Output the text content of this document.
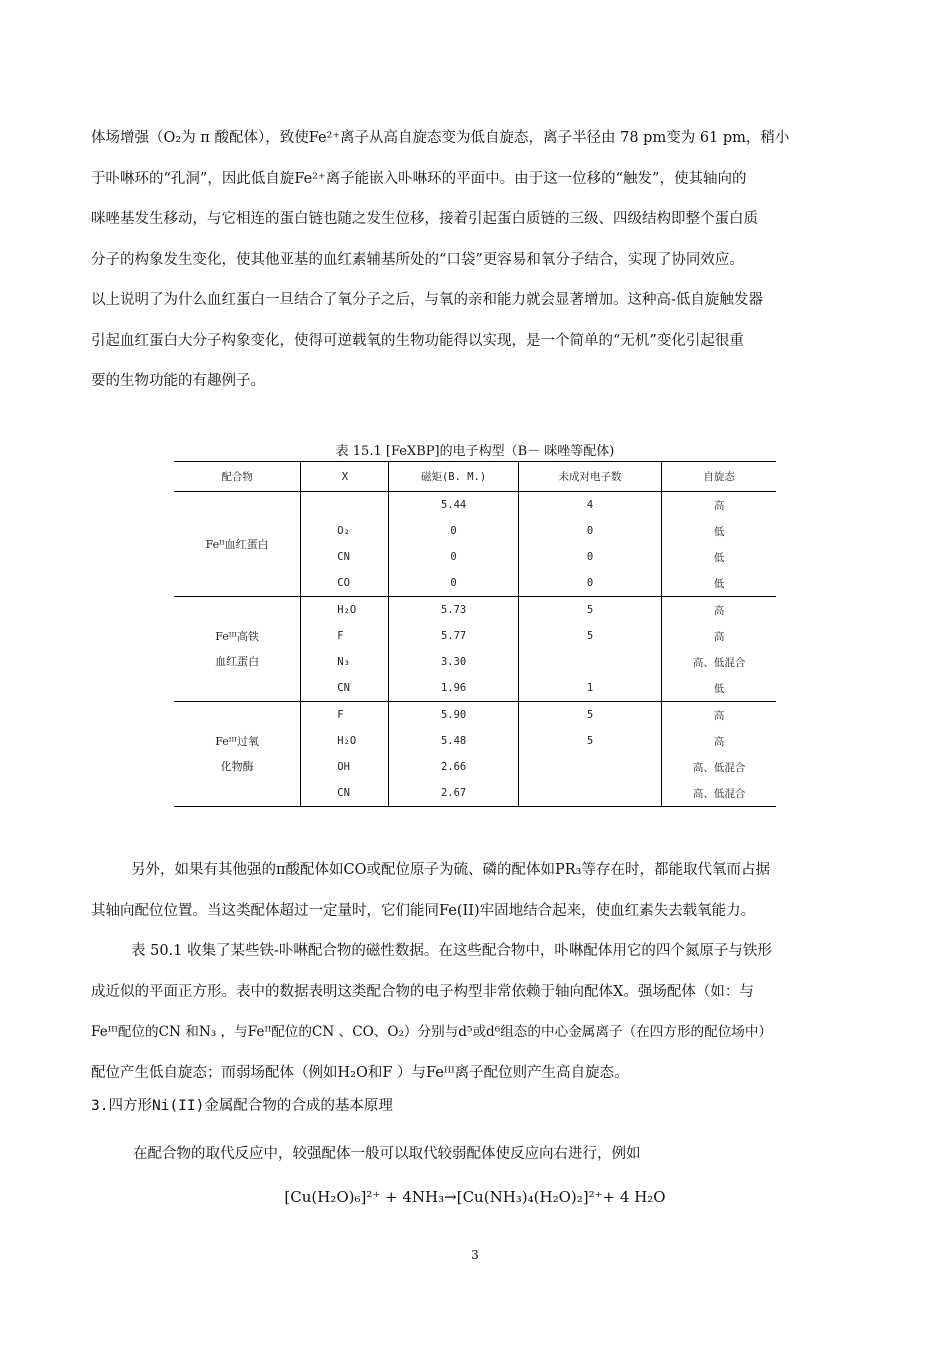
体场增强（O₂为 π 酸配体），致使Fe²⁺离子从高自旋态变为低自旋态，离子半径由 78 pm变为 61 pm，稍小
于卟啉环的“孔洞”，因此低自旋Fe²⁺离子能嵌入卟啉环的平面中。由于这一位移的“触发”，使其轴向的
咪唑基发生移动，与它相连的蛋白链也随之发生位移，接着引起蛋白质链的三级、四级结构即整个蛋白质
分子的构象发生变化，使其他亚基的血红素辅基所处的“口袋”更容易和氧分子结合，实现了协同效应。
以上说明了为什么血红蛋白一旦结合了氧分子之后，与氧的亲和能力就会显著增加。这种高-低自旋触发器
引起血红蛋白大分子构象变化，使得可逆载氧的生物功能得以实现，是一个简单的“无机”变化引起很重
要的生物功能的有趣例子。
表 15.1 [FeXBP]的电子构型（B－ 咪唑等配体)
配合物	X	磁矩(B. M.)	未成对电子数	自旋态

Feᴵᴵ血红蛋白		5.44	4	高
	O₂	0	0	低
	CN	0	0	低
	CO	0	0	低

Feᴵᴵᴵ高铁
血红蛋白	H₂O	5.73	5	高
	F	5.77	5	高
	N₃	3.30		高、低混合
	CN	1.96	1	低

Feᴵᴵᴵ过氧
化物酶	F	5.90	5	高
	H₂O	5.48	5	高
	OH	2.66		高、低混合
	CN	2.67		高、低混合
另外，如果有其他强的π酸配体如CO或配位原子为硫、磷的配体如PR₃等存在时，都能取代氧而占据
其轴向配位位置。当这类配体超过一定量时，它们能同Fe(II)牢固地结合起来，使血红素失去载氧能力。
表 50.1 收集了某些铁-卟啉配合物的磁性数据。在这些配合物中，卟啉配体用它的四个氮原子与铁形
成近似的平面正方形。表中的数据表明这类配合物的电子构型非常依赖于轴向配体X。强场配体（如：与
Feᴵᴵᴵ配位的CN 和N₃ ，与Feᴵᴵ配位的CN 、CO、O₂）分别与d⁵或d⁶组态的中心金属离子（在四方形的配位场中）
配位产生低自旋态；而弱场配体（例如H₂O和F ）与Feᴵᴵᴵ离子配位则产生高自旋态。
3.四方形Ni(II)金属配合物的合成的基本原理
在配合物的取代反应中，较强配体一般可以取代较弱配体使反应向右进行，例如
[Cu(H₂O)₆]²⁺ + 4NH₃→[Cu(NH₃)₄(H₂O)₂]²⁺+ 4 H₂O
3
